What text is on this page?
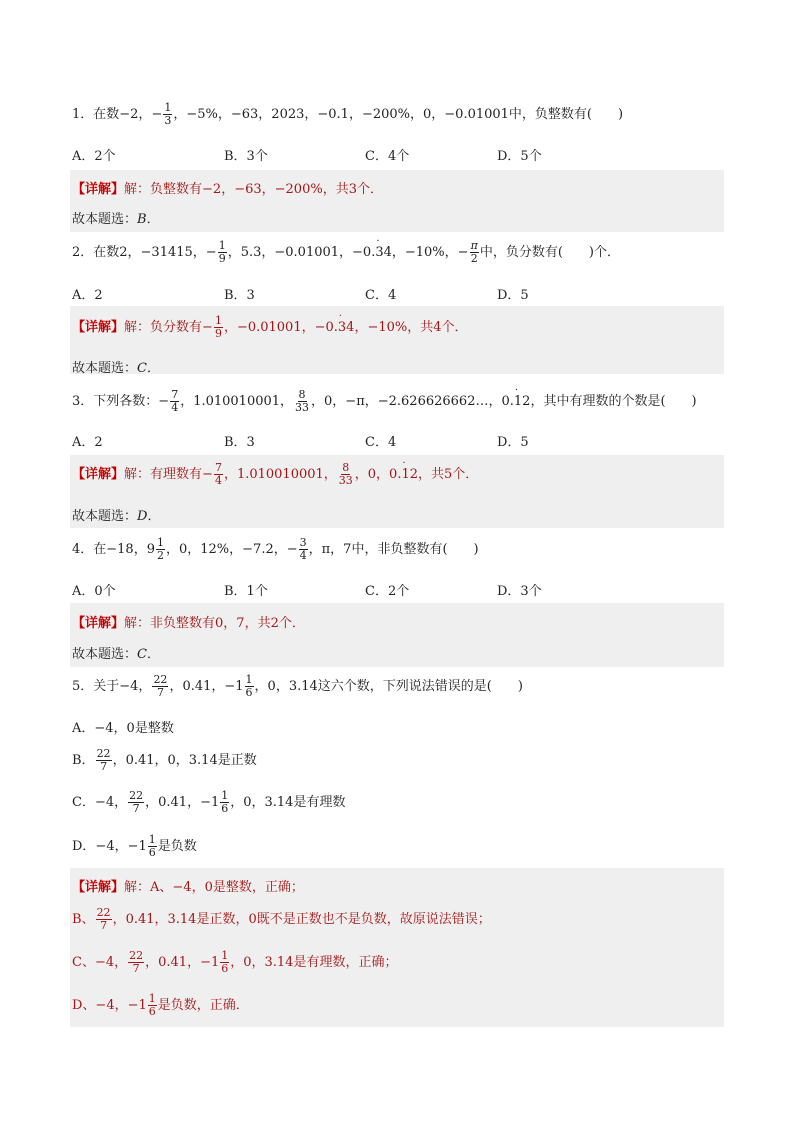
1．在数−2，− $\frac{1}{3}$ ，−5%，−63，2023，−0.1，−200%，0，−0.01001中，负整数有(　　)
A．2个	B．3个	C．4个	D．5个
【详解】解：负整数有−2，−63，−200%，共3个．
故本题选：B．
2．在数2，−31415，− $\frac{1}{9}$ ，5.3，−0.01001，−0.· 34，−10%，− $\frac{\pi}{2}$ 中，负分数有(　　)个．
A．2	B．3	C．4	D．5
【详解】解：负分数有− $\frac{1}{9}$ ，−0.01001，−0.· 34，−10%，共4个．
故本题选：C．
3．下列各数：− $\frac{7}{4}$ ，1.010010001， $\frac{8}{33}$ ，0，−π，−2.626626662…，0.· 12，其中有理数的个数是(　　)
A．2	B．3	C．4	D．5
【详解】解：有理数有− $\frac{7}{4}$ ，1.010010001， $\frac{8}{33}$ ，0，0.· 12，共5个．
故本题选：D．
4．在−18，$9 \frac{1}{2}$ ，0，12%，−7.2，− $\frac{3}{4}$ ，π，7中，非负整数有(　　)
A．0个	B．1个	C．2个	D．3个
【详解】解：非负整数有0，7，共2个．
故本题选：C．
5．关于−4， $\frac{22}{7}$ ，0.41，$-1 \frac{1}{6}$ ，0，3.14这六个数，下列说法错误的是(　　)
A．−4，0是整数
B． $\frac{22}{7}$ ，0.41，0，3.14是正数
C．−4， $\frac{22}{7}$ ，0.41，$-1 \frac{1}{6}$ ，0，3.14是有理数
D．−4，$-1 \frac{1}{6}$ 是负数
【详解】解：A、−4，0是整数，正确；
B、 $\frac{22}{7}$ ，0.41，3.14是正数，0既不是正数也不是负数，故原说法错误；
C、−4， $\frac{22}{7}$ ，0.41，$-1 \frac{1}{6}$ ，0，3.14是有理数，正确；
D、−4，$-1 \frac{1}{6}$ 是负数，正确．
